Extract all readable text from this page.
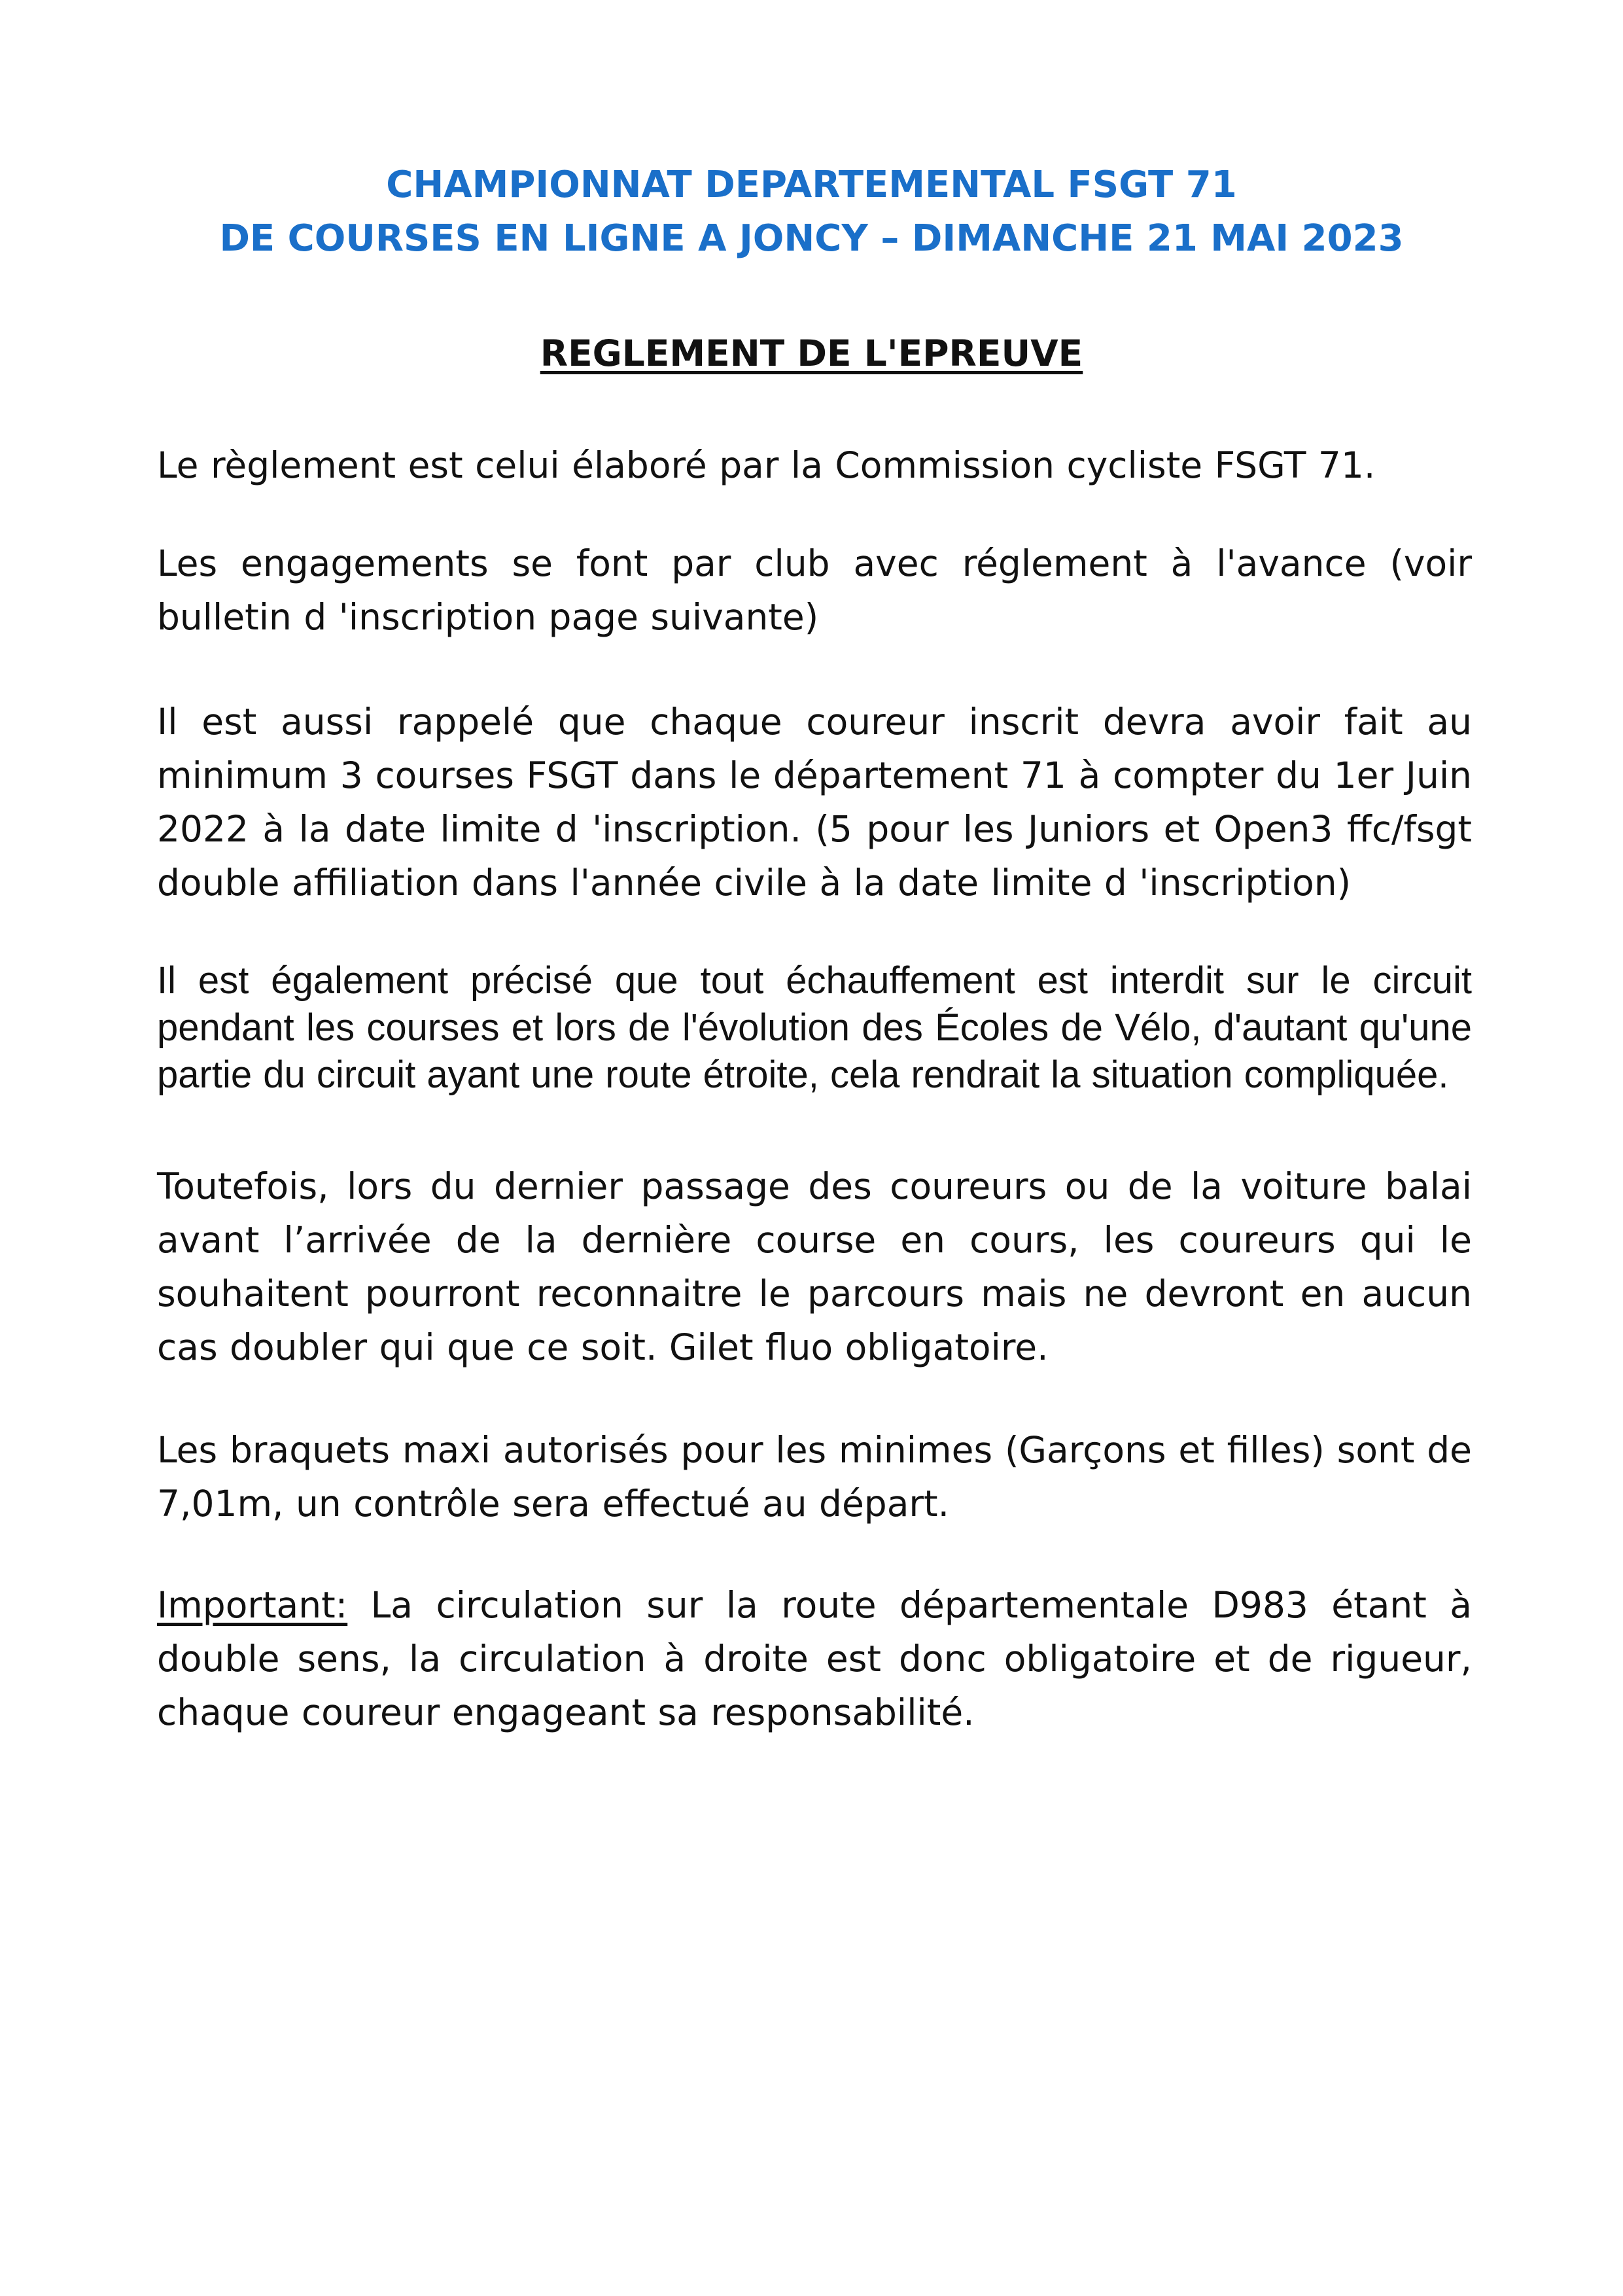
CHAMPIONNAT DEPARTEMENTAL FSGT 71
DE COURSES EN LIGNE A JONCY – DIMANCHE 21 MAI 2023
REGLEMENT DE L'EPREUVE
Le règlement est celui élaboré par la Commission cycliste FSGT 71.
Les engagements se font par club avec réglement à l'avance (voir bulletin d 'inscription page suivante)
Il est aussi rappelé que chaque coureur inscrit devra avoir fait au minimum 3 courses FSGT dans le département 71 à compter du 1er Juin 2022 à la date limite d 'inscription. (5 pour les Juniors et Open3 ffc/fsgt double affiliation dans l'année civile à la date limite d 'inscription)
Il est également précisé que tout échauffement est interdit sur le circuit pendant les courses et lors de l'évolution des Écoles de Vélo, d'autant qu'une partie du circuit ayant une route étroite, cela rendrait la situation compliquée.
Toutefois, lors du dernier passage des coureurs ou de la voiture balai avant l’arrivée de la dernière course en cours, les coureurs qui le souhaitent pourront reconnaitre le parcours mais ne devront en aucun cas doubler qui que ce soit. Gilet fluo obligatoire.
Les braquets maxi autorisés pour les minimes (Garçons et filles) sont de 7,01m, un contrôle sera effectué au départ.
Important: La circulation sur la route départementale D983 étant à double sens, la circulation à droite est donc obligatoire et de rigueur, chaque coureur engageant sa responsabilité.
